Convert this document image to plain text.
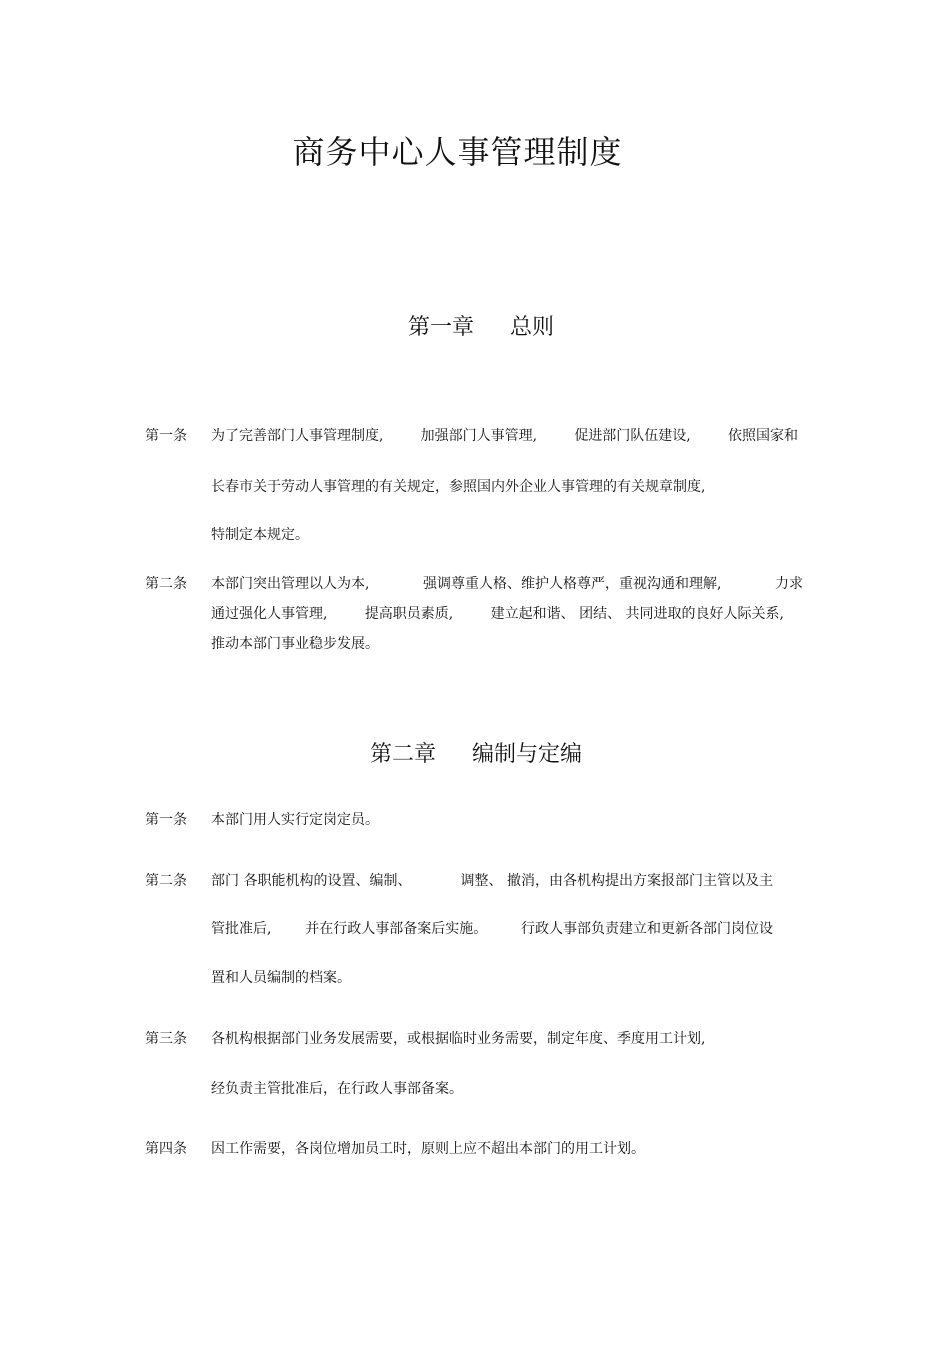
商务中心人事管理制度
第一章 总则
第一条 为了完善部门人事管理制度,	加强部门人事管理,	促进部门队伍建设,	依照国家和
长春市关于劳动人事管理的有关规定，参照国内外企业人事管理的有关规章制度,
特制定本规定。
第二条 本部门突出管理以人为本,	强调尊重人格、维护人格尊严，重视沟通和理解,	力求
通过强化人事管理,	提高职员素质,	建立起和谐、 团结、 共同进取的良好人际关系,
推动本部门事业稳步发展。
第二章 编制与定编
第一条 本部门用人实行定岗定员。
第二条 部门 各职能机构的设置、编制、	调整、 撤消，由各机构提出方案报部门主管以及主
管批准后, 并在行政人事部备案后实施。 行政人事部负责建立和更新各部门岗位设
置和人员编制的档案。
第三条 各机构根据部门业务发展需要，或根据临时业务需要，制定年度、季度用工计划,
经负责主管批准后，在行政人事部备案。
第四条 因工作需要，各岗位增加员工时，原则上应不超出本部门的用工计划。
